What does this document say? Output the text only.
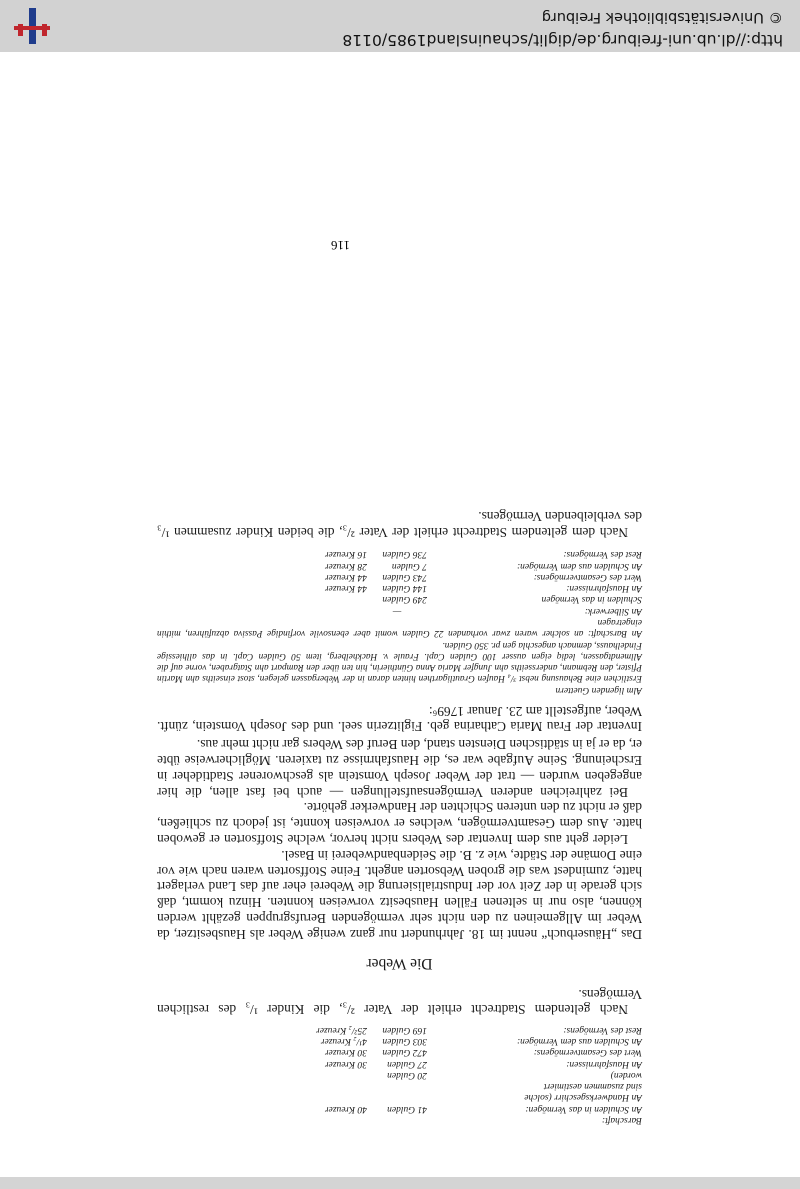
Barschaft:
An Schulden in das Vermögen:
41 Gulden
40 Kreuzer
An Handwerksgeschirr (solche sind zusammen aestimiert worden)
20 Gulden
An Hausfahrnissen:
27 Gulden
30 Kreuzer
Wert des Gesamtvermögens:
472 Gulden
30 Kreuzer
An Schulden aus dem Vermögen:
303 Gulden
4¹/₂ Kreuzer
Rest des Vermögens:
169 Gulden
25²/₂ Kreuzer

Nach geltendem Stadtrecht erhielt der Vater ²/₃, die Kinder ¹/₃ des restlichen Vermögens.

Die Weber

Das „Häuserbuch“ nennt im 18. Jahrhundert nur ganz wenige Weber als Hausbesitzer, da Weber im Allgemeinen zu den nicht sehr vermögenden Berufsgruppen gezählt werden können, also nur in seltenen Fällen Hausbesitz vorweisen konnten. Hinzu kommt, daß sich gerade in der Zeit vor der Industrialisierung die Weberei eher auf das Land verlagert hatte, zumindest was die groben Websorten angeht. Feine Stoffsorten waren nach wie vor eine Domäne der Städte, wie z. B. die Seidenbandweberei in Basel.

Leider geht aus dem Inventar des Webers nicht hervor, welche Stoffsorten er gewoben hatte. Aus dem Gesamtvermögen, welches er vorweisen konnte, ist jedoch zu schließen, daß er nicht zu den unteren Schichten der Handwerker gehörte.

Bei zahlreichen anderen Vermögensaufstellungen — auch bei fast allen, die hier angegeben wurden — trat der Weber Joseph Vomstein als geschworener Stadtideher in Erscheinung. Seine Aufgabe war es, die Hausfahrnisse zu taxieren. Möglicherweise übte er, da er ja in städtischen Diensten stand, den Beruf des Webers gar nicht mehr aus.

Inventar der Frau Maria Catharina geb. Figlitzerin seel. und des Joseph Vomstein, zünft. Weber, aufgestellt am 23. Januar 1769⁶:

Alm ligenden Guettern

Erstlichen eine Behausung nebst ³/₄ Haufen Grautligarthen hinten daran in der Webergassen gelegen, stost einseiths ahn Martin Pfister, den Rebmann, andersseiths ahn Jungfer Maria Anna Günthierin, hin ten über den Rampart ahn Statgraben, vorne auf die Allmendtgassen, lediq eigen ausser 100 Gulden Capl. Fraule v. Hackhelberg, item 50 Gulden Capl. in das allhiessige Findelhauss, demnach angeschla gen pr. 350 Gulden.

An Barschaft: an solcher waren zwar vorhanden 22 Gulden womit aber ebensovile vorfindige Passiva abzuführen, mithin eingetragen

An Silberwerk:
—
Schulden in das Vermögen
249 Gulden
An Hausfahrnissen:
144 Gulden
44 Kreuzer
Wert des Gesamtvermögens:
743 Gulden
44 Kreuzer
An Schulden aus dem Vermögen:
7 Gulden
28 Kreuzer
Rest des Vermögens:
736 Gulden
16 Kreuzer

Nach dem geltendem Stadtrecht erhielt der Vater ²/₃, die beiden Kinder zusammen ¹/₃ des verbleibenden Vermögens.

116
http://dl.ub.uni-freiburg.de/diglit/schauinsland1985/0118
© Universitätsbibliothek Freiburg
